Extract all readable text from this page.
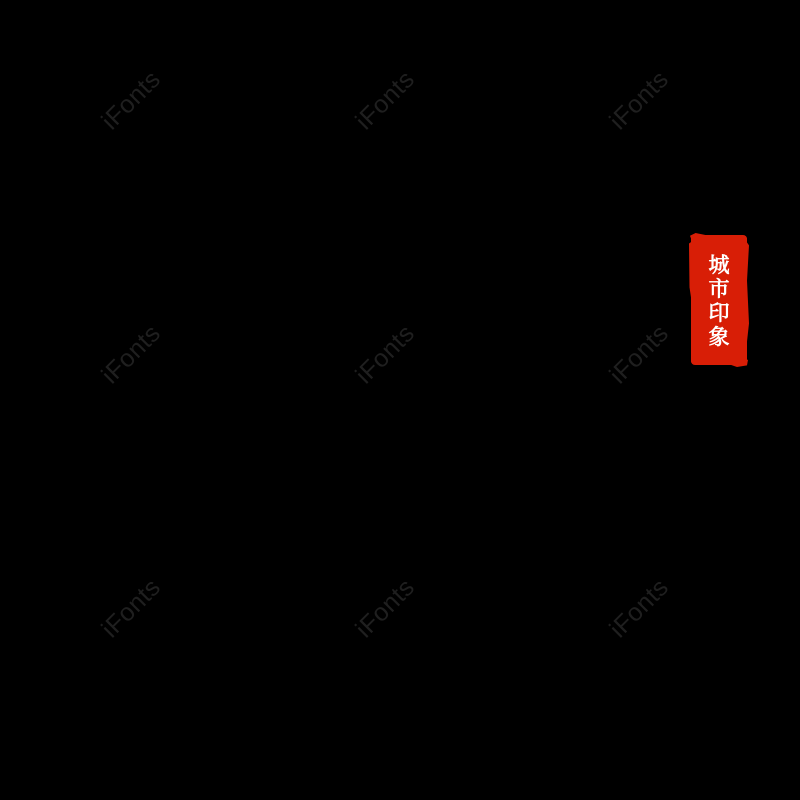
iFonts	iFonts	iFonts
iFonts	iFonts	iFonts
iFonts	iFonts	iFonts
城
市
印
象
